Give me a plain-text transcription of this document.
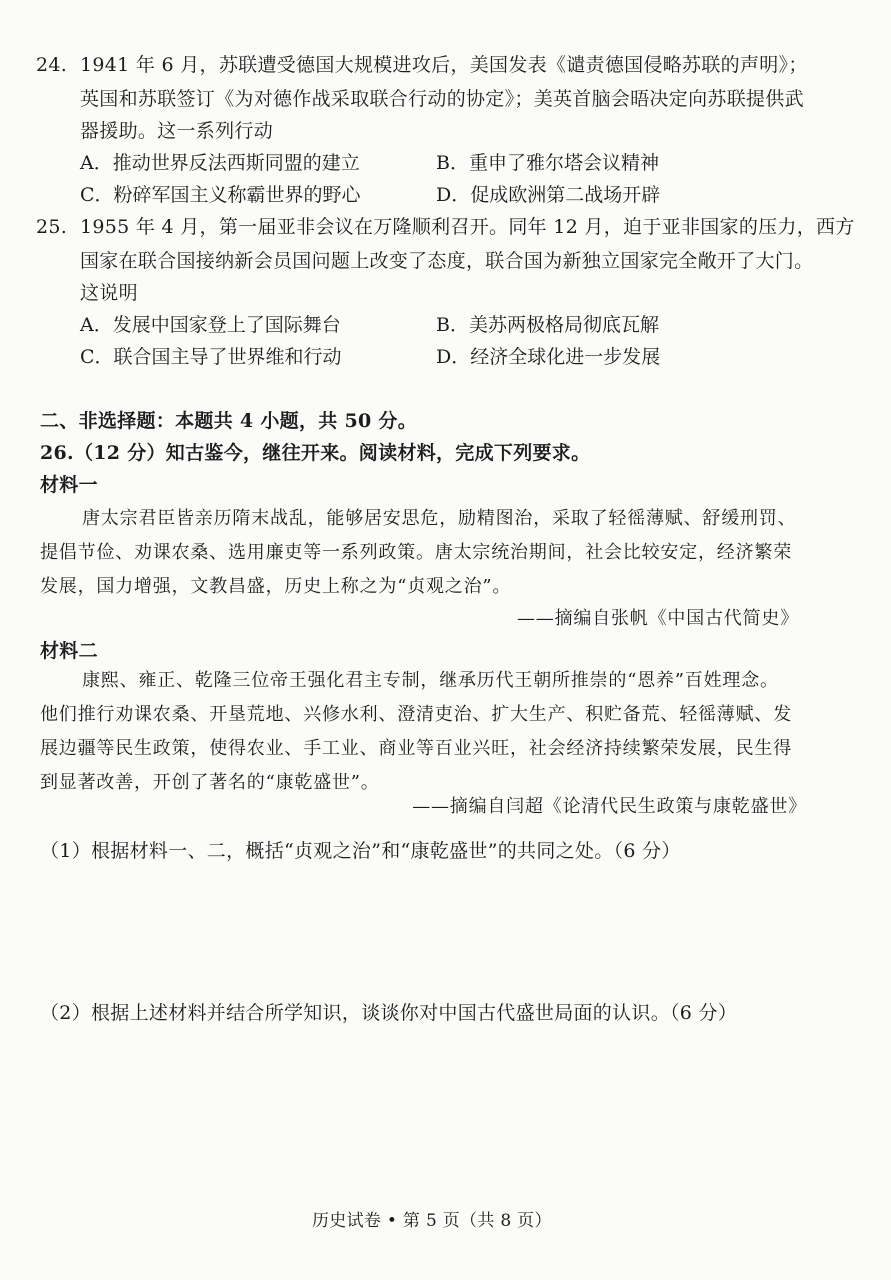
24. 1941 年 6 月，苏联遭受德国大规模进攻后，美国发表《谴责德国侵略苏联的声明》；
英国和苏联签订《为对德作战采取联合行动的协定》；美英首脑会晤决定向苏联提供武
器援助。这一系列行动
A．推动世界反法西斯同盟的建立	B．重申了雅尔塔会议精神
C．粉碎军国主义称霸世界的野心	D．促成欧洲第二战场开辟
25. 1955 年 4 月，第一届亚非会议在万隆顺利召开。同年 12 月，迫于亚非国家的压力，西方
国家在联合国接纳新会员国问题上改变了态度，联合国为新独立国家完全敞开了大门。
这说明
A．发展中国家登上了国际舞台	B．美苏两极格局彻底瓦解
C．联合国主导了世界维和行动	D．经济全球化进一步发展
二、非选择题：本题共 4 小题，共 50 分。
26.（12 分）知古鉴今，继往开来。阅读材料，完成下列要求。
材料一
唐太宗君臣皆亲历隋末战乱，能够居安思危，励精图治，采取了轻徭薄赋、舒缓刑罚、
提倡节俭、劝课农桑、选用廉吏等一系列政策。唐太宗统治期间，社会比较安定，经济繁荣
发展，国力增强，文教昌盛，历史上称之为“贞观之治”。
——摘编自张帆《中国古代简史》
材料二
康熙、雍正、乾隆三位帝王强化君主专制，继承历代王朝所推崇的“恩养”百姓理念。
他们推行劝课农桑、开垦荒地、兴修水利、澄清吏治、扩大生产、积贮备荒、轻徭薄赋、发
展边疆等民生政策，使得农业、手工业、商业等百业兴旺，社会经济持续繁荣发展，民生得
到显著改善，开创了著名的“康乾盛世”。
——摘编自闫超《论清代民生政策与康乾盛世》
（1）根据材料一、二，概括“贞观之治”和“康乾盛世”的共同之处。（6 分）
（2）根据上述材料并结合所学知识，谈谈你对中国古代盛世局面的认识。（6 分）
历史试卷 • 第 5 页（共 8 页）
